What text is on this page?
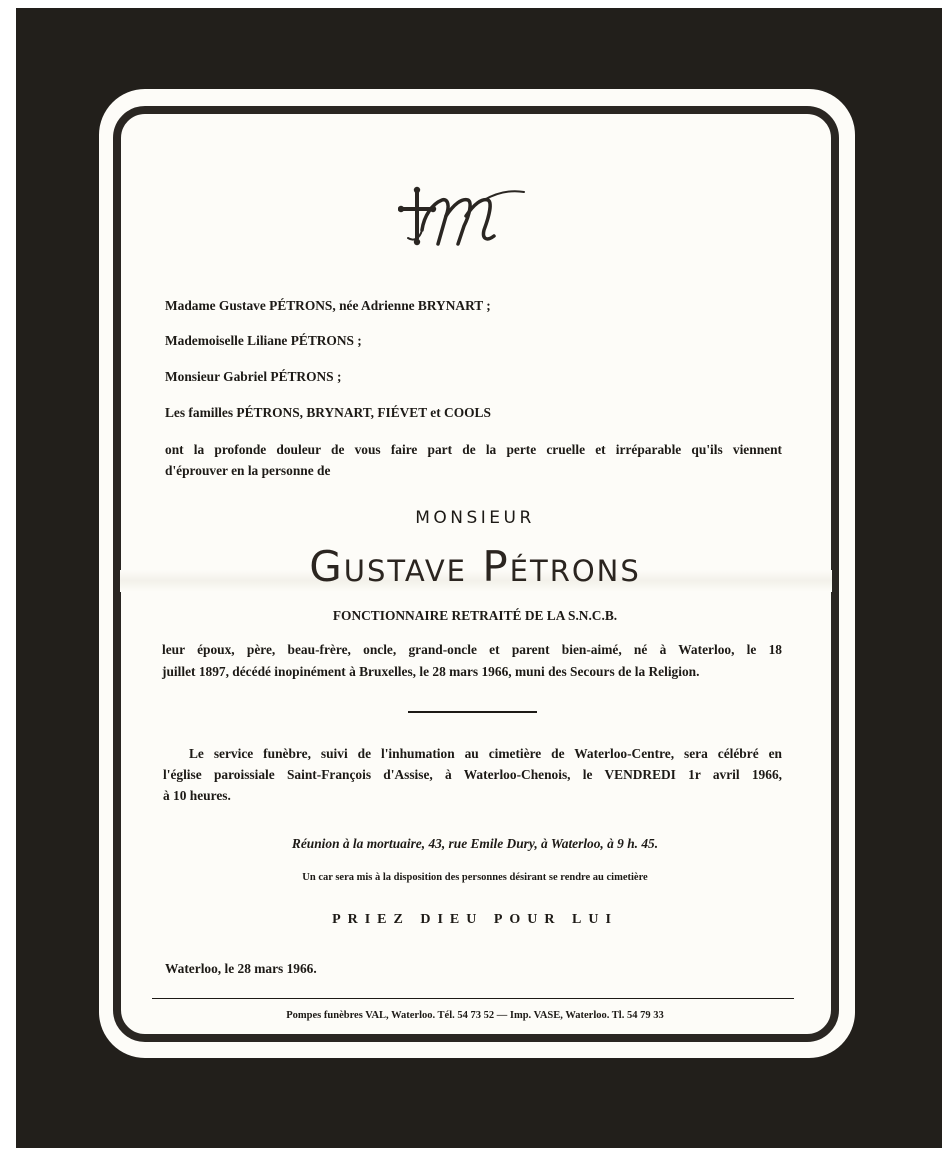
Madame Gustave PÉTRONS, née Adrienne BRYNART ;

Mademoiselle Liliane PÉTRONS ;

Monsieur Gabriel PÉTRONS ;

Les familles PÉTRONS, BRYNART, FIÉVET et COOLS

ont la profonde douleur de vous faire part de la perte cruelle et irréparable qu'ils viennent

d'éprouver en la personne de

MONSIEUR

Gustave Pétrons

FONCTIONNAIRE RETRAITÉ DE LA S.N.C.B.

leur époux, père, beau-frère, oncle, grand-oncle et parent bien-aimé, né à Waterloo, le 18

juillet 1897, décédé inopinément à Bruxelles, le 28 mars 1966, muni des Secours de la Religion.

Le service funèbre, suivi de l'inhumation au cimetière de Waterloo-Centre, sera célébré en

l'église paroissiale Saint-François d'Assise, à Waterloo-Chenois, le VENDREDI 1r avril 1966,

à 10 heures.

Réunion à la mortuaire, 43, rue Emile Dury, à Waterloo, à 9 h. 45.

Un car sera mis à la disposition des personnes désirant se rendre au cimetière

PRIEZ DIEU POUR LUI

Waterloo, le 28 mars 1966.

Pompes funèbres VAL, Waterloo. Tél. 54 73 52 — Imp. VASE, Waterloo. Tl. 54 79 33
